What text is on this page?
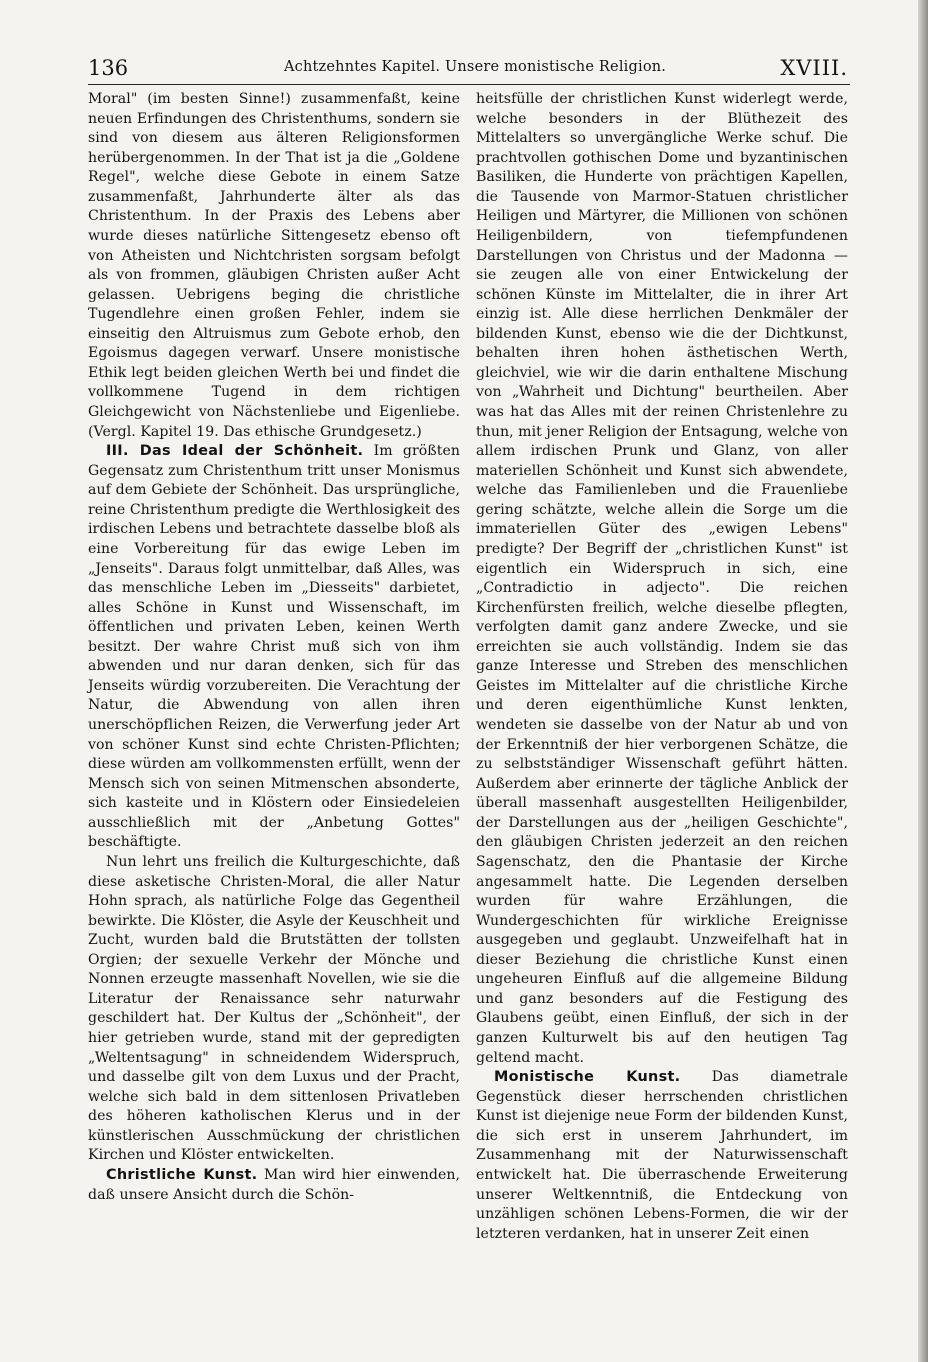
136	Achtzehntes Kapitel. Unsere monistische Religion.	XVIII.

Moral" (im besten Sinne!) zusammenfaßt, keine neuen Erfindungen des Christenthums, sondern sie sind von diesem aus älteren Religionsformen herübergenommen. In der That ist ja die „Goldene Regel", welche diese Gebote in einem Satze zusammenfaßt, Jahrhunderte älter als das Christenthum. In der Praxis des Lebens aber wurde dieses natürliche Sittengesetz ebenso oft von Atheisten und Nichtchristen sorgsam befolgt als von frommen, gläubigen Christen außer Acht gelassen. Uebrigens beging die christliche Tugendlehre einen großen Fehler, indem sie einseitig den Altruismus zum Gebote erhob, den Egoismus dagegen verwarf. Unsere monistische Ethik legt beiden gleichen Werth bei und findet die vollkommene Tugend in dem richtigen Gleichgewicht von Nächstenliebe und Eigenliebe. (Vergl. Kapitel 19. Das ethische Grundgesetz.)

III. Das Ideal der Schönheit. Im größten Gegensatz zum Christenthum tritt unser Monismus auf dem Gebiete der Schönheit. Das ursprüngliche, reine Christenthum predigte die Werthlosigkeit des irdischen Lebens und betrachtete dasselbe bloß als eine Vorbereitung für das ewige Leben im „Jenseits". Daraus folgt unmittelbar, daß Alles, was das menschliche Leben im „Diesseits" darbietet, alles Schöne in Kunst und Wissenschaft, im öffentlichen und privaten Leben, keinen Werth besitzt. Der wahre Christ muß sich von ihm abwenden und nur daran denken, sich für das Jenseits würdig vorzubereiten. Die Verachtung der Natur, die Abwendung von allen ihren unerschöpflichen Reizen, die Verwerfung jeder Art von schöner Kunst sind echte Christen-Pflichten; diese würden am vollkommensten erfüllt, wenn der Mensch sich von seinen Mitmenschen absonderte, sich kasteite und in Klöstern oder Einsiedeleien ausschließlich mit der „Anbetung Gottes" beschäftigte.

Nun lehrt uns freilich die Kulturgeschichte, daß diese asketische Christen-Moral, die aller Natur Hohn sprach, als natürliche Folge das Gegentheil bewirkte. Die Klöster, die Asyle der Keuschheit und Zucht, wurden bald die Brutstätten der tollsten Orgien; der sexuelle Verkehr der Mönche und Nonnen erzeugte massenhaft Novellen, wie sie die Literatur der Renaissance sehr naturwahr geschildert hat. Der Kultus der „Schönheit", der hier getrieben wurde, stand mit der gepredigten „Weltentsagung" in schneidendem Widerspruch, und dasselbe gilt von dem Luxus und der Pracht, welche sich bald in dem sittenlosen Privatleben des höheren katholischen Klerus und in der künstlerischen Ausschmückung der christlichen Kirchen und Klöster entwickelten.

Christliche Kunst. Man wird hier einwenden, daß unsere Ansicht durch die Schön-

heitsfülle der christlichen Kunst widerlegt werde, welche besonders in der Blüthezeit des Mittelalters so unvergängliche Werke schuf. Die prachtvollen gothischen Dome und byzantinischen Basiliken, die Hunderte von prächtigen Kapellen, die Tausende von Marmor-Statuen christlicher Heiligen und Märtyrer, die Millionen von schönen Heiligenbildern, von tiefempfundenen Darstellungen von Christus und der Madonna — sie zeugen alle von einer Entwickelung der schönen Künste im Mittelalter, die in ihrer Art einzig ist. Alle diese herrlichen Denkmäler der bildenden Kunst, ebenso wie die der Dichtkunst, behalten ihren hohen ästhetischen Werth, gleichviel, wie wir die darin enthaltene Mischung von „Wahrheit und Dichtung" beurtheilen. Aber was hat das Alles mit der reinen Christenlehre zu thun, mit jener Religion der Entsagung, welche von allem irdischen Prunk und Glanz, von aller materiellen Schönheit und Kunst sich abwendete, welche das Familienleben und die Frauenliebe gering schätzte, welche allein die Sorge um die immateriellen Güter des „ewigen Lebens" predigte? Der Begriff der „christlichen Kunst" ist eigentlich ein Widerspruch in sich, eine „Contradictio in adjecto". Die reichen Kirchenfürsten freilich, welche dieselbe pflegten, verfolgten damit ganz andere Zwecke, und sie erreichten sie auch vollständig. Indem sie das ganze Interesse und Streben des menschlichen Geistes im Mittelalter auf die christliche Kirche und deren eigenthümliche Kunst lenkten, wendeten sie dasselbe von der Natur ab und von der Erkenntniß der hier verborgenen Schätze, die zu selbstständiger Wissenschaft geführt hätten. Außerdem aber erinnerte der tägliche Anblick der überall massenhaft ausgestellten Heiligenbilder, der Darstellungen aus der „heiligen Geschichte", den gläubigen Christen jederzeit an den reichen Sagenschatz, den die Phantasie der Kirche angesammelt hatte. Die Legenden derselben wurden für wahre Erzählungen, die Wundergeschichten für wirkliche Ereignisse ausgegeben und geglaubt. Unzweifelhaft hat in dieser Beziehung die christliche Kunst einen ungeheuren Einfluß auf die allgemeine Bildung und ganz besonders auf die Festigung des Glaubens geübt, einen Einfluß, der sich in der ganzen Kulturwelt bis auf den heutigen Tag geltend macht.

Monistische Kunst. Das diametrale Gegenstück dieser herrschenden christlichen Kunst ist diejenige neue Form der bildenden Kunst, die sich erst in unserem Jahrhundert, im Zusammenhang mit der Naturwissenschaft entwickelt hat. Die überraschende Erweiterung unserer Weltkenntniß, die Entdeckung von unzähligen schönen Lebens-Formen, die wir der letzteren verdanken, hat in unserer Zeit einen
